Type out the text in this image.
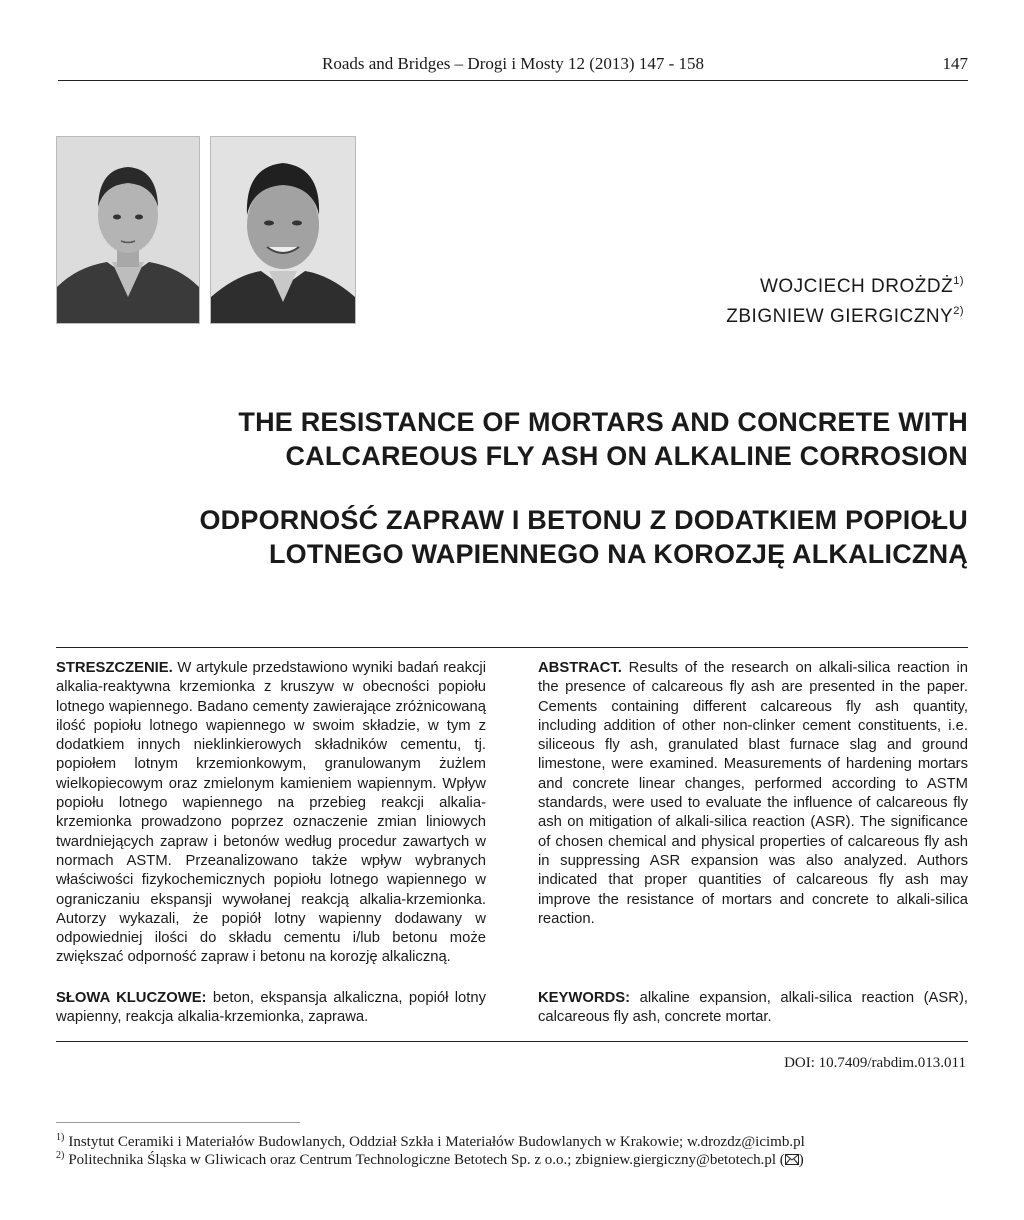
Roads and Bridges – Drogi i Mosty 12 (2013) 147 - 158	147
WOJCIECH DROŻDŻ$^{1)}$
ZBIGNIEW GIERGICZNY$^{2)}$
THE RESISTANCE OF MORTARS AND CONCRETE WITH
CALCAREOUS FLY ASH ON ALKALINE CORROSION
ODPORNOŚĆ ZAPRAW I BETONU Z DODATKIEM POPIOŁU
LOTNEGO WAPIENNEGO NA KOROZJĘ ALKALICZNĄ
STRESZCZENIE. W artykule przedstawiono wyniki badań reakcji alkalia-reaktywna krzemionka z kruszyw w obecności popiołu lotnego wapiennego. Badano cementy zawierające zróżnicowaną ilość popiołu lotnego wapiennego w swoim składzie, w tym z dodatkiem innych nieklinkierowych składników cementu, tj. popiołem lotnym krzemionkowym, granulowanym żużlem wielkopiecowym oraz zmielonym kamieniem wapiennym. Wpływ popiołu lotnego wapiennego na przebieg reakcji alkalia-krzemionka prowadzono poprzez oznaczenie zmian liniowych twardniejących zapraw i betonów według procedur zawartych w normach ASTM. Przeanalizowano także wpływ wybranych właściwości fizykochemicznych popiołu lotnego wapiennego w ograniczaniu ekspansji wywołanej reakcją alkalia-krzemionka. Autorzy wykazali, że popiół lotny wapienny dodawany w odpowiedniej ilości do składu cementu i/lub betonu może zwiększać odporność zapraw i betonu na korozję alkaliczną.
ABSTRACT. Results of the research on alkali-silica reaction in the presence of calcareous fly ash are presented in the paper. Cements containing different calcareous fly ash quantity, including addition of other non-clinker cement constituents, i.e. siliceous fly ash, granulated blast furnace slag and ground limestone, were examined. Measurements of hardening mortars and concrete linear changes, performed according to ASTM standards, were used to evaluate the influence of calcareous fly ash on mitigation of alkali-silica reaction (ASR). The significance of chosen chemical and physical properties of calcareous fly ash in suppressing ASR expansion was also analyzed. Authors indicated that proper quantities of calcareous fly ash may improve the resistance of mortars and concrete to alkali-silica reaction.
SŁOWA KLUCZOWE: beton, ekspansja alkaliczna, popiół lotny wapienny, reakcja alkalia-krzemionka, zaprawa.
KEYWORDS: alkaline expansion, alkali-silica reaction (ASR), calcareous fly ash, concrete mortar.
DOI: 10.7409/rabdim.013.011
$^{1)}$ Instytut Ceramiki i Materiałów Budowlanych, Oddział Szkła i Materiałów Budowlanych w Krakowie; w.drozdz@icimb.pl
$^{2)}$ Politechnika Śląska w Gliwicach oraz Centrum Technologiczne Betotech Sp. z o.o.; zbigniew.giergiczny@betotech.pl ( )
